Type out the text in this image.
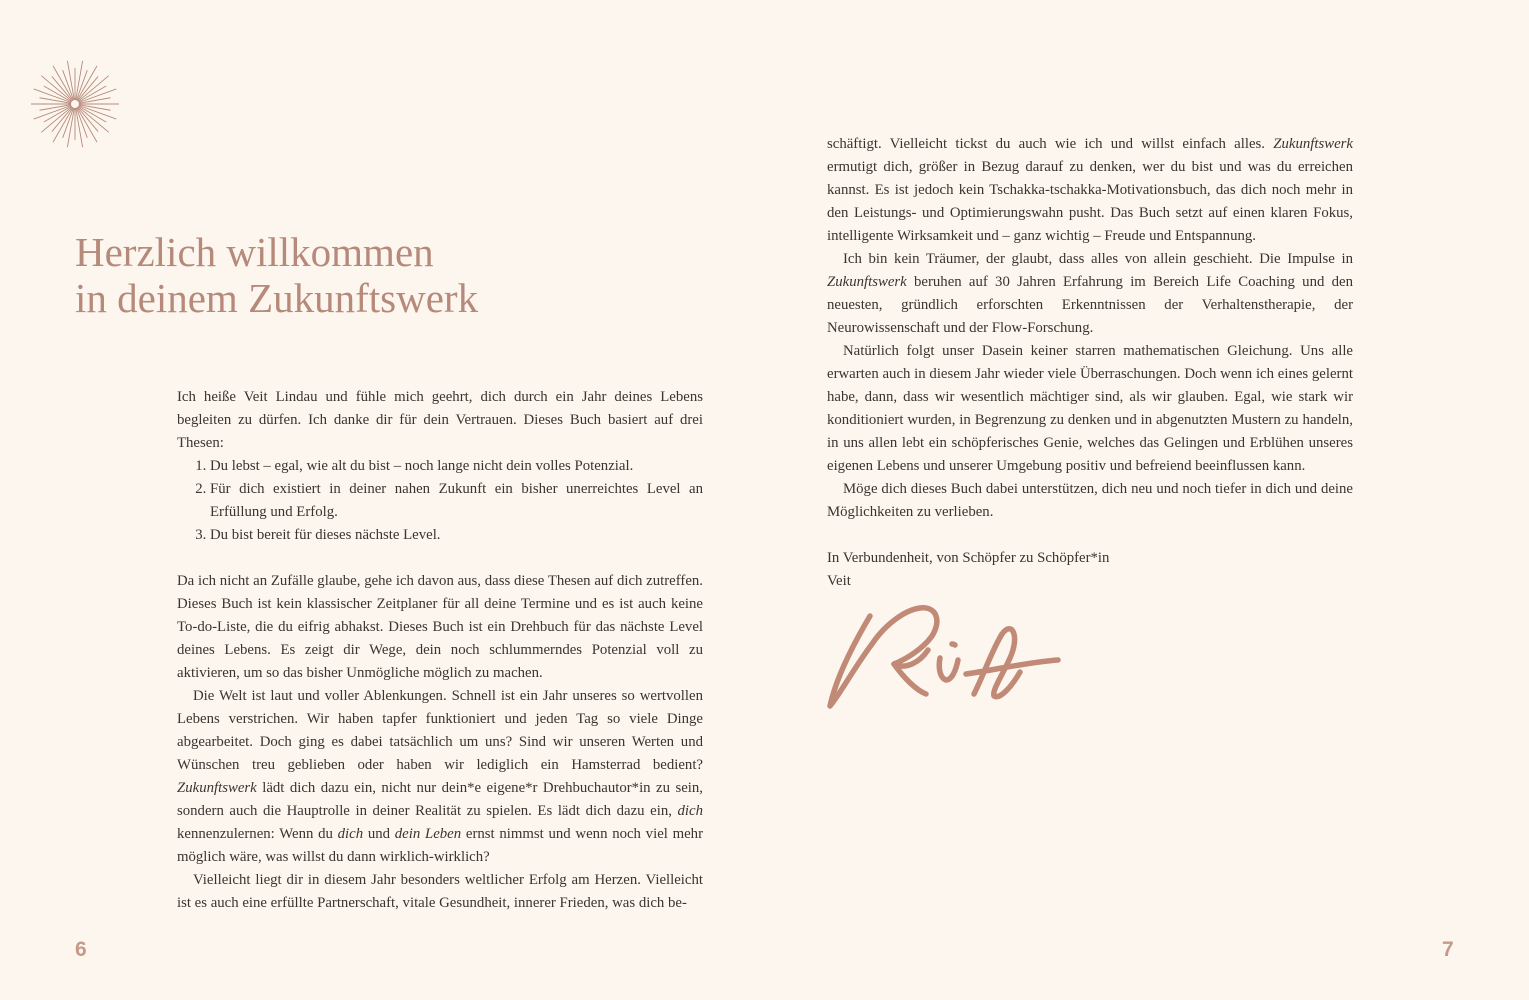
Herzlich willkommen
in deinem Zukunftswerk

Ich heiße Veit Lindau und fühle mich geehrt, dich durch ein Jahr deines Lebens begleiten zu dürfen. Ich danke dir für dein Vertrauen. Dieses Buch basiert auf drei Thesen:

1. Du lebst – egal, wie alt du bist – noch lange nicht dein volles Potenzial.
2. Für dich existiert in deiner nahen Zukunft ein bisher unerreichtes Level an Erfüllung und Erfolg.
3. Du bist bereit für dieses nächste Level.

Da ich nicht an Zufälle glaube, gehe ich davon aus, dass diese Thesen auf dich zutreffen. Dieses Buch ist kein klassischer Zeitplaner für all deine Termine und es ist auch keine To-do-Liste, die du eifrig abhakst. Dieses Buch ist ein Drehbuch für das nächste Level deines Lebens. Es zeigt dir Wege, dein noch schlummerndes Potenzial voll zu aktivieren, um so das bisher Unmögliche möglich zu machen.

Die Welt ist laut und voller Ablenkungen. Schnell ist ein Jahr unseres so wertvollen Lebens verstrichen. Wir haben tapfer funktioniert und jeden Tag so viele Dinge abgearbeitet. Doch ging es dabei tatsächlich um uns? Sind wir unseren Werten und Wünschen treu geblieben oder haben wir lediglich ein Hamsterrad bedient? Zukunftswerk lädt dich dazu ein, nicht nur dein*e eigene*r Drehbuchautor*in zu sein, sondern auch die Hauptrolle in deiner Realität zu spielen. Es lädt dich dazu ein, dich kennenzulernen: Wenn du dich und dein Leben ernst nimmst und wenn noch viel mehr möglich wäre, was willst du dann wirklich-wirklich?

Vielleicht liegt dir in diesem Jahr besonders weltlicher Erfolg am Herzen. Vielleicht ist es auch eine erfüllte Partnerschaft, vitale Gesundheit, innerer Frieden, was dich be-

schäftigt. Vielleicht tickst du auch wie ich und willst einfach alles. Zukunftswerk ermutigt dich, größer in Bezug darauf zu denken, wer du bist und was du erreichen kannst. Es ist jedoch kein Tschakka-tschakka-Motivationsbuch, das dich noch mehr in den Leistungs- und Optimierungswahn pusht. Das Buch setzt auf einen klaren Fokus, intelligente Wirksamkeit und – ganz wichtig – Freude und Entspannung.

Ich bin kein Träumer, der glaubt, dass alles von allein geschieht. Die Impulse in Zukunftswerk beruhen auf 30 Jahren Erfahrung im Bereich Life Coaching und den neuesten, gründlich erforschten Erkenntnissen der Verhaltenstherapie, der Neurowissenschaft und der Flow-Forschung.

Natürlich folgt unser Dasein keiner starren mathematischen Gleichung. Uns alle erwarten auch in diesem Jahr wieder viele Überraschungen. Doch wenn ich eines gelernt habe, dann, dass wir wesentlich mächtiger sind, als wir glauben. Egal, wie stark wir konditioniert wurden, in Begrenzung zu denken und in abgenutzten Mustern zu handeln, in uns allen lebt ein schöpferisches Genie, welches das Gelingen und Erblühen unseres eigenen Lebens und unserer Umgebung positiv und befreiend beeinflussen kann.

Möge dich dieses Buch dabei unterstützen, dich neu und noch tiefer in dich und deine Möglichkeiten zu verlieben.

In Verbundenheit, von Schöpfer zu Schöpfer*in

Veit

6	7
